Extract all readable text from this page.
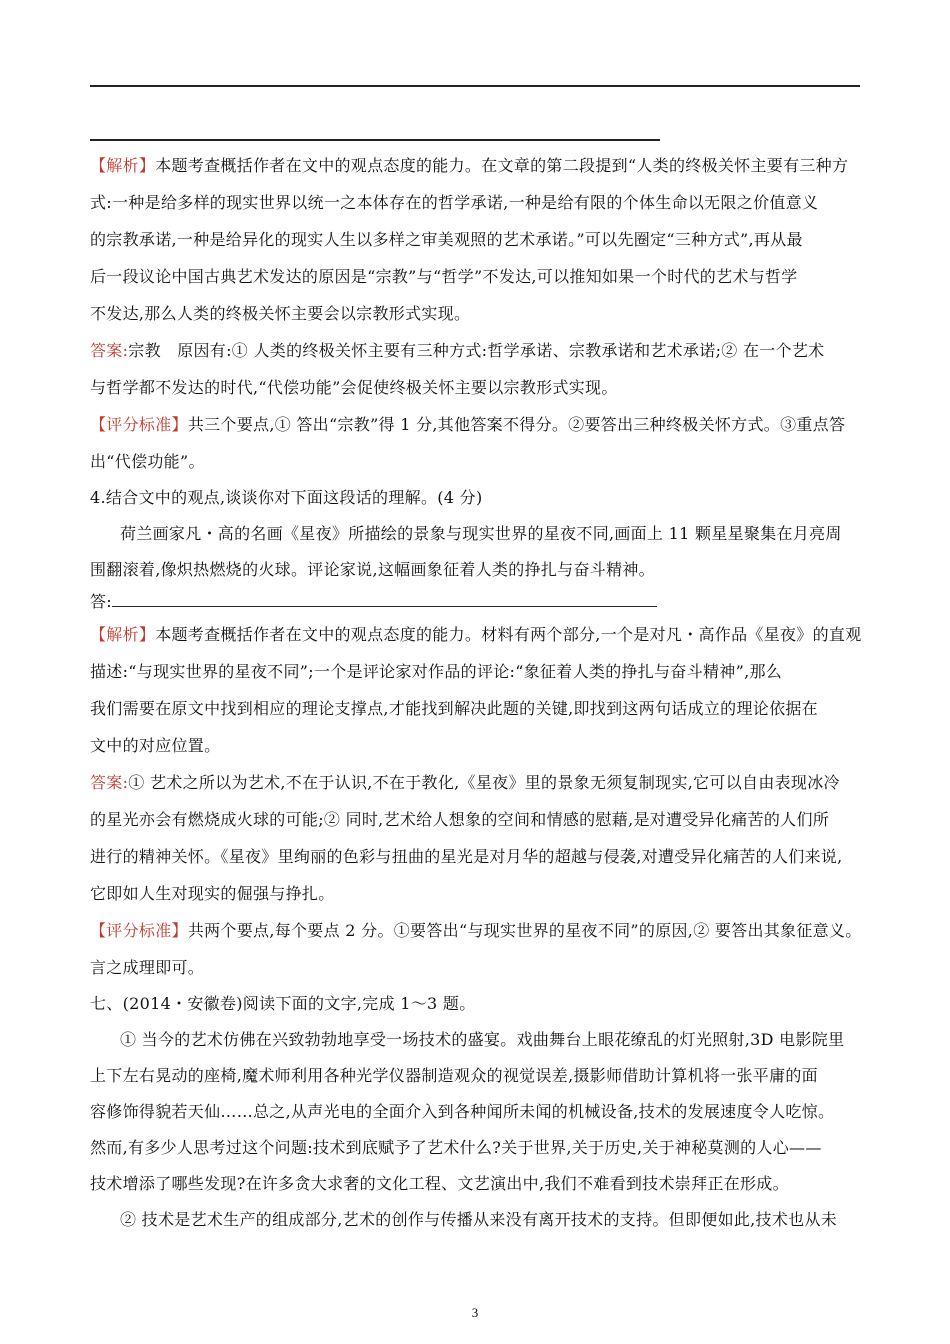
【解析】本题考查概括作者在文中的观点态度的能力。在文章的第二段提到“人类的终极关怀主要有三种方
式:一种是给多样的现实世界以统一之本体存在的哲学承诺,一种是给有限的个体生命以无限之价值意义
的宗教承诺,一种是给异化的现实人生以多样之审美观照的艺术承诺。”可以先圈定“三种方式”,再从最
后一段议论中国古典艺术发达的原因是“宗教”与“哲学”不发达,可以推知如果一个时代的艺术与哲学
不发达,那么人类的终极关怀主要会以宗教形式实现。
答案:宗教　原因有:① 人类的终极关怀主要有三种方式:哲学承诺、宗教承诺和艺术承诺;② 在一个艺术
与哲学都不发达的时代,“代偿功能”会促使终极关怀主要以宗教形式实现。
【评分标准】共三个要点,① 答出“宗教”得 1 分,其他答案不得分。②要答出三种终极关怀方式。③重点答
出“代偿功能”。
4.结合文中的观点,谈谈你对下面这段话的理解。(4 分)
荷兰画家凡・高的名画《星夜》所描绘的景象与现实世界的星夜不同,画面上 11 颗星星聚集在月亮周
围翻滚着,像炽热燃烧的火球。评论家说,这幅画象征着人类的挣扎与奋斗精神。
答:
【解析】本题考查概括作者在文中的观点态度的能力。材料有两个部分,一个是对凡・高作品《星夜》的直观
描述:“与现实世界的星夜不同”;一个是评论家对作品的评论:“象征着人类的挣扎与奋斗精神”,那么
我们需要在原文中找到相应的理论支撑点,才能找到解决此题的关键,即找到这两句话成立的理论依据在
文中的对应位置。
答案:① 艺术之所以为艺术,不在于认识,不在于教化,《星夜》里的景象无须复制现实,它可以自由表现冰冷
的星光亦会有燃烧成火球的可能;② 同时,艺术给人想象的空间和情感的慰藉,是对遭受异化痛苦的人们所
进行的精神关怀。《星夜》里绚丽的色彩与扭曲的星光是对月华的超越与侵袭,对遭受异化痛苦的人们来说,
它即如人生对现实的倔强与挣扎。
【评分标准】共两个要点,每个要点 2 分。①要答出“与现实世界的星夜不同”的原因,② 要答出其象征意义。
言之成理即可。
七、(2014・安徽卷)阅读下面的文字,完成 1～3 题。
① 当今的艺术仿佛在兴致勃勃地享受一场技术的盛宴。戏曲舞台上眼花缭乱的灯光照射,3D 电影院里
上下左右晃动的座椅,魔术师利用各种光学仪器制造观众的视觉误差,摄影师借助计算机将一张平庸的面
容修饰得貌若天仙……总之,从声光电的全面介入到各种闻所未闻的机械设备,技术的发展速度令人吃惊。
然而,有多少人思考过这个问题:技术到底赋予了艺术什么?关于世界,关于历史,关于神秘莫测的人心——
技术增添了哪些发现?在许多贪大求奢的文化工程、文艺演出中,我们不难看到技术崇拜正在形成。
② 技术是艺术生产的组成部分,艺术的创作与传播从来没有离开技术的支持。但即便如此,技术也从未
3
